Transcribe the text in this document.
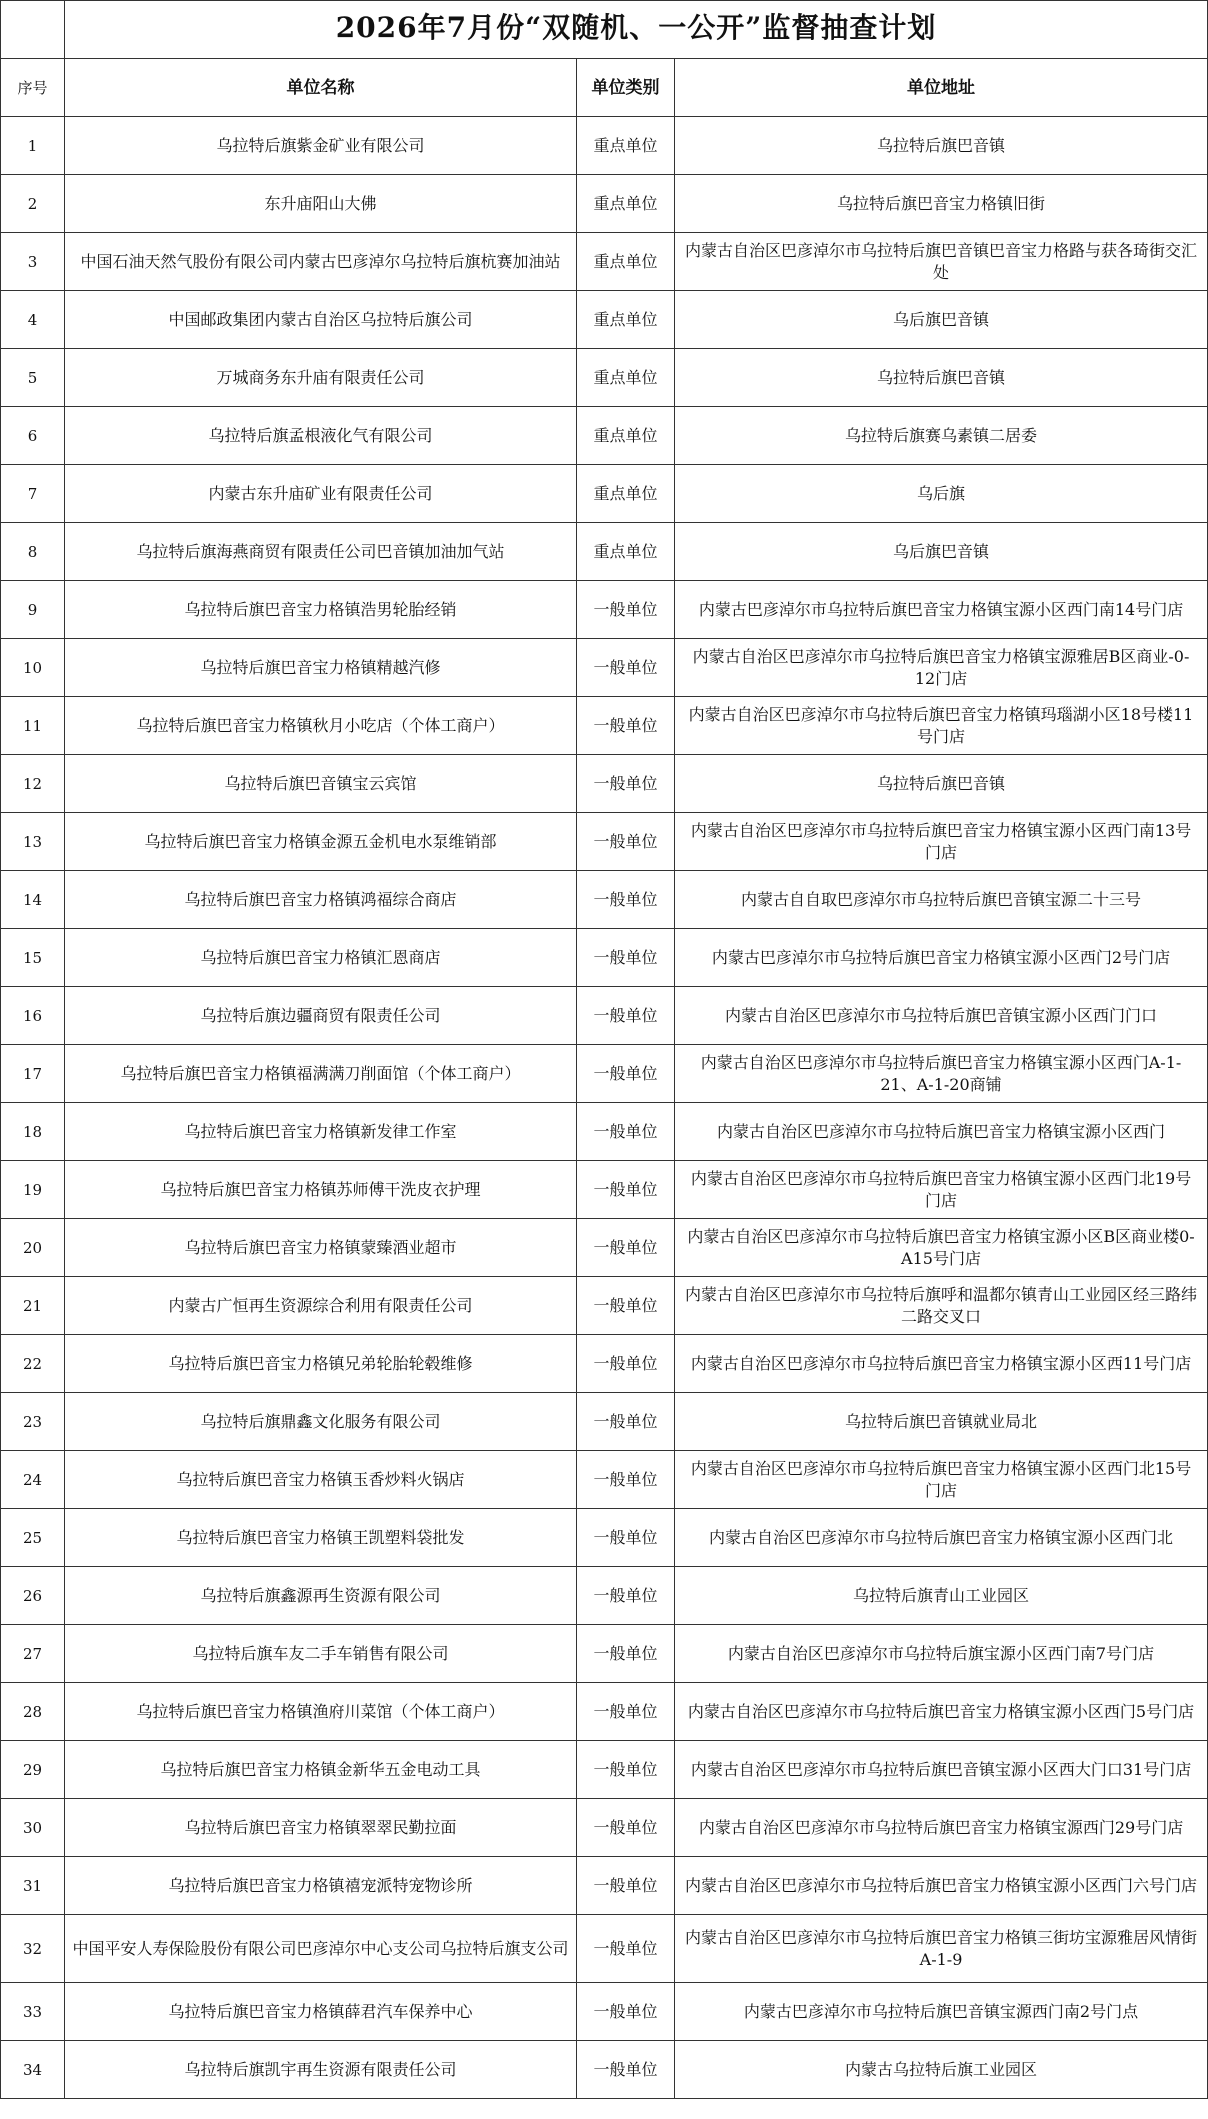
	2026年7月份“双随机、一公开”监督抽查计划		
序号	单位名称	单位类别	单位地址
1	乌拉特后旗紫金矿业有限公司	重点单位	乌拉特后旗巴音镇
2	东升庙阳山大佛	重点单位	乌拉特后旗巴音宝力格镇旧街
3	中国石油天然气股份有限公司内蒙古巴彦淖尔乌拉特后旗杭赛加油站	重点单位	内蒙古自治区巴彦淖尔市乌拉特后旗巴音镇巴音宝力格路与获各琦街交汇处
4	中国邮政集团内蒙古自治区乌拉特后旗公司	重点单位	乌后旗巴音镇
5	万城商务东升庙有限责任公司	重点单位	乌拉特后旗巴音镇
6	乌拉特后旗孟根液化气有限公司	重点单位	乌拉特后旗赛乌素镇二居委
7	内蒙古东升庙矿业有限责任公司	重点单位	乌后旗
8	乌拉特后旗海燕商贸有限责任公司巴音镇加油加气站	重点单位	乌后旗巴音镇
9	乌拉特后旗巴音宝力格镇浩男轮胎经销	一般单位	内蒙古巴彦淖尔市乌拉特后旗巴音宝力格镇宝源小区西门南14号门店
10	乌拉特后旗巴音宝力格镇精越汽修	一般单位	内蒙古自治区巴彦淖尔市乌拉特后旗巴音宝力格镇宝源雅居B区商业-0-12门店
11	乌拉特后旗巴音宝力格镇秋月小吃店（个体工商户）	一般单位	内蒙古自治区巴彦淖尔市乌拉特后旗巴音宝力格镇玛瑙湖小区18号楼11号门店
12	乌拉特后旗巴音镇宝云宾馆	一般单位	乌拉特后旗巴音镇
13	乌拉特后旗巴音宝力格镇金源五金机电水泵维销部	一般单位	内蒙古自治区巴彦淖尔市乌拉特后旗巴音宝力格镇宝源小区西门南13号门店
14	乌拉特后旗巴音宝力格镇鸿福综合商店	一般单位	内蒙古自自取巴彦淖尔市乌拉特后旗巴音镇宝源二十三号
15	乌拉特后旗巴音宝力格镇汇恩商店	一般单位	内蒙古巴彦淖尔市乌拉特后旗巴音宝力格镇宝源小区西门2号门店
16	乌拉特后旗边疆商贸有限责任公司	一般单位	内蒙古自治区巴彦淖尔市乌拉特后旗巴音镇宝源小区西门门口
17	乌拉特后旗巴音宝力格镇福满满刀削面馆（个体工商户）	一般单位	内蒙古自治区巴彦淖尔市乌拉特后旗巴音宝力格镇宝源小区西门A-1-21、A-1-20商铺
18	乌拉特后旗巴音宝力格镇新发律工作室	一般单位	内蒙古自治区巴彦淖尔市乌拉特后旗巴音宝力格镇宝源小区西门
19	乌拉特后旗巴音宝力格镇苏师傅干洗皮衣护理	一般单位	内蒙古自治区巴彦淖尔市乌拉特后旗巴音宝力格镇宝源小区西门北19号门店
20	乌拉特后旗巴音宝力格镇蒙臻酒业超市	一般单位	内蒙古自治区巴彦淖尔市乌拉特后旗巴音宝力格镇宝源小区B区商业楼0-A15号门店
21	内蒙古广恒再生资源综合利用有限责任公司	一般单位	内蒙古自治区巴彦淖尔市乌拉特后旗呼和温都尔镇青山工业园区经三路纬二路交叉口
22	乌拉特后旗巴音宝力格镇兄弟轮胎轮毂维修	一般单位	内蒙古自治区巴彦淖尔市乌拉特后旗巴音宝力格镇宝源小区西11号门店
23	乌拉特后旗鼎鑫文化服务有限公司	一般单位	乌拉特后旗巴音镇就业局北
24	乌拉特后旗巴音宝力格镇玉香炒料火锅店	一般单位	内蒙古自治区巴彦淖尔市乌拉特后旗巴音宝力格镇宝源小区西门北15号门店
25	乌拉特后旗巴音宝力格镇王凯塑料袋批发	一般单位	内蒙古自治区巴彦淖尔市乌拉特后旗巴音宝力格镇宝源小区西门北
26	乌拉特后旗鑫源再生资源有限公司	一般单位	乌拉特后旗青山工业园区
27	乌拉特后旗车友二手车销售有限公司	一般单位	内蒙古自治区巴彦淖尔市乌拉特后旗宝源小区西门南7号门店
28	乌拉特后旗巴音宝力格镇渔府川菜馆（个体工商户）	一般单位	内蒙古自治区巴彦淖尔市乌拉特后旗巴音宝力格镇宝源小区西门5号门店
29	乌拉特后旗巴音宝力格镇金新华五金电动工具	一般单位	内蒙古自治区巴彦淖尔市乌拉特后旗巴音镇宝源小区西大门口31号门店
30	乌拉特后旗巴音宝力格镇翠翠民勤拉面	一般单位	内蒙古自治区巴彦淖尔市乌拉特后旗巴音宝力格镇宝源西门29号门店
31	乌拉特后旗巴音宝力格镇禧宠派特宠物诊所	一般单位	内蒙古自治区巴彦淖尔市乌拉特后旗巴音宝力格镇宝源小区西门六号门店
32	中国平安人寿保险股份有限公司巴彦淖尔中心支公司乌拉特后旗支公司	一般单位	内蒙古自治区巴彦淖尔市乌拉特后旗巴音宝力格镇三街坊宝源雅居风情街A-1-9
33	乌拉特后旗巴音宝力格镇薛君汽车保养中心	一般单位	内蒙古巴彦淖尔市乌拉特后旗巴音镇宝源西门南2号门点
34	乌拉特后旗凯宇再生资源有限责任公司	一般单位	内蒙古乌拉特后旗工业园区
